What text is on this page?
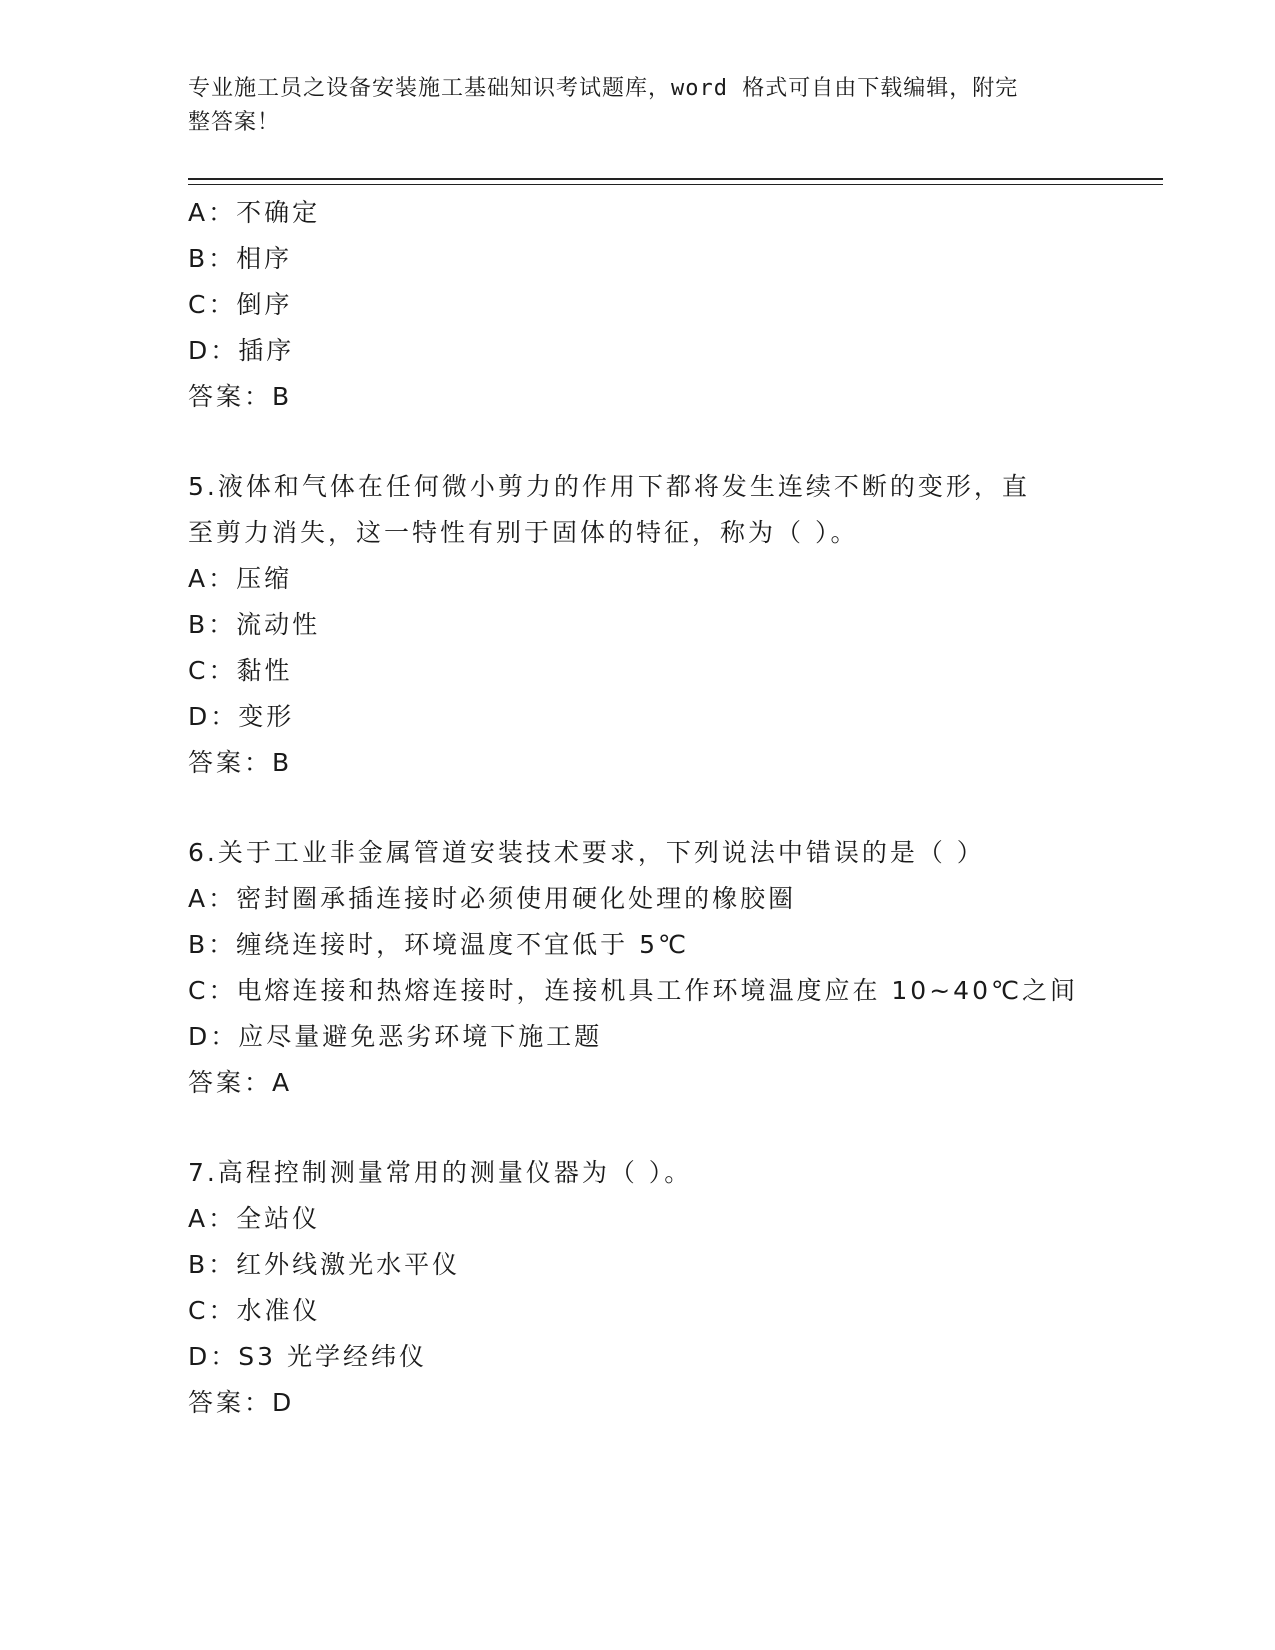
专业施工员之设备安装施工基础知识考试题库，word 格式可自由下载编辑，附完
整答案！
A：不确定
B：相序
C：倒序
D：插序
答案：B
5.液体和气体在任何微小剪力的作用下都将发生连续不断的变形，直
至剪力消失，这一特性有别于固体的特征，称为（ ）。
A：压缩
B：流动性
C：黏性
D：变形
答案：B
6.关于工业非金属管道安装技术要求，下列说法中错误的是（ ）
A：密封圈承插连接时必须使用硬化处理的橡胶圈
B：缠绕连接时，环境温度不宜低于 5℃
C：电熔连接和热熔连接时，连接机具工作环境温度应在 10~40℃之间
D：应尽量避免恶劣环境下施工题
答案：A
7.高程控制测量常用的测量仪器为（ ）。
A：全站仪
B：红外线激光水平仪
C：水准仪
D：S3 光学经纬仪
答案：D
